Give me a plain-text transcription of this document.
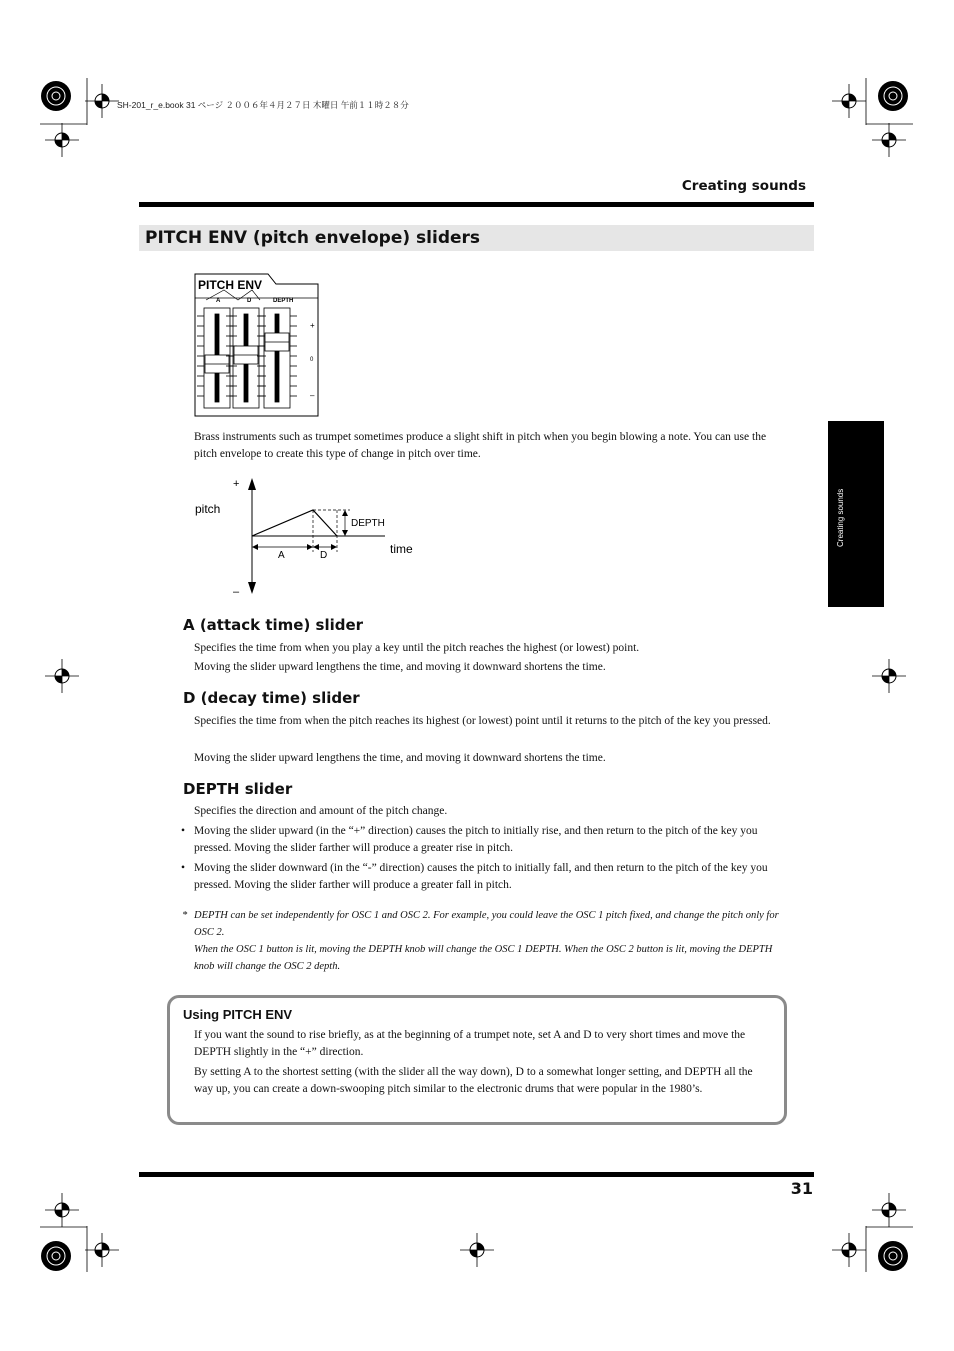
SH-201_r_e.book 31 ページ ２００６年４月２７日 木曜日 午前１１時２８分
Creating sounds
PITCH ENV (pitch envelope) sliders
Creating sounds
PITCH ENV
A	D	DEPTH
+
0
–
Brass instruments such as trumpet sometimes produce a slight shift in pitch when you begin blowing a note. You can use the pitch envelope to create this type of change in pitch over time.
+
–
pitch
time
DEPTH
A	D
A (attack time) slider
Specifies the time from when you play a key until the pitch reaches the highest (or lowest) point.
Moving the slider upward lengthens the time, and moving it downward shortens the time.
D (decay time) slider
Specifies the time from when the pitch reaches its highest (or lowest) point until it returns to the pitch of the key you pressed.
Moving the slider upward lengthens the time, and moving it downward shortens the time.
DEPTH slider
Specifies the direction and amount of the pitch change.
• Moving the slider upward (in the “+” direction) causes the pitch to initially rise, and then return to the pitch of the key you pressed. Moving the slider farther will produce a greater rise in pitch.
• Moving the slider downward (in the “-” direction) causes the pitch to initially fall, and then return to the pitch of the key you pressed. Moving the slider farther will produce a greater fall in pitch.
* DEPTH can be set independently for OSC 1 and OSC 2. For example, you could leave the OSC 1 pitch fixed, and change the pitch only for OSC 2.
When the OSC 1 button is lit, moving the DEPTH knob will change the OSC 1 DEPTH. When the OSC 2 button is lit, moving the DEPTH knob will change the OSC 2 depth.
Using PITCH ENV
If you want the sound to rise briefly, as at the beginning of a trumpet note, set A and D to very short times and move the DEPTH slightly in the “+” direction.
By setting A to the shortest setting (with the slider all the way down), D to a somewhat longer setting, and DEPTH all the way up, you can create a down-swooping pitch similar to the electronic drums that were popular in the 1980’s.
31
